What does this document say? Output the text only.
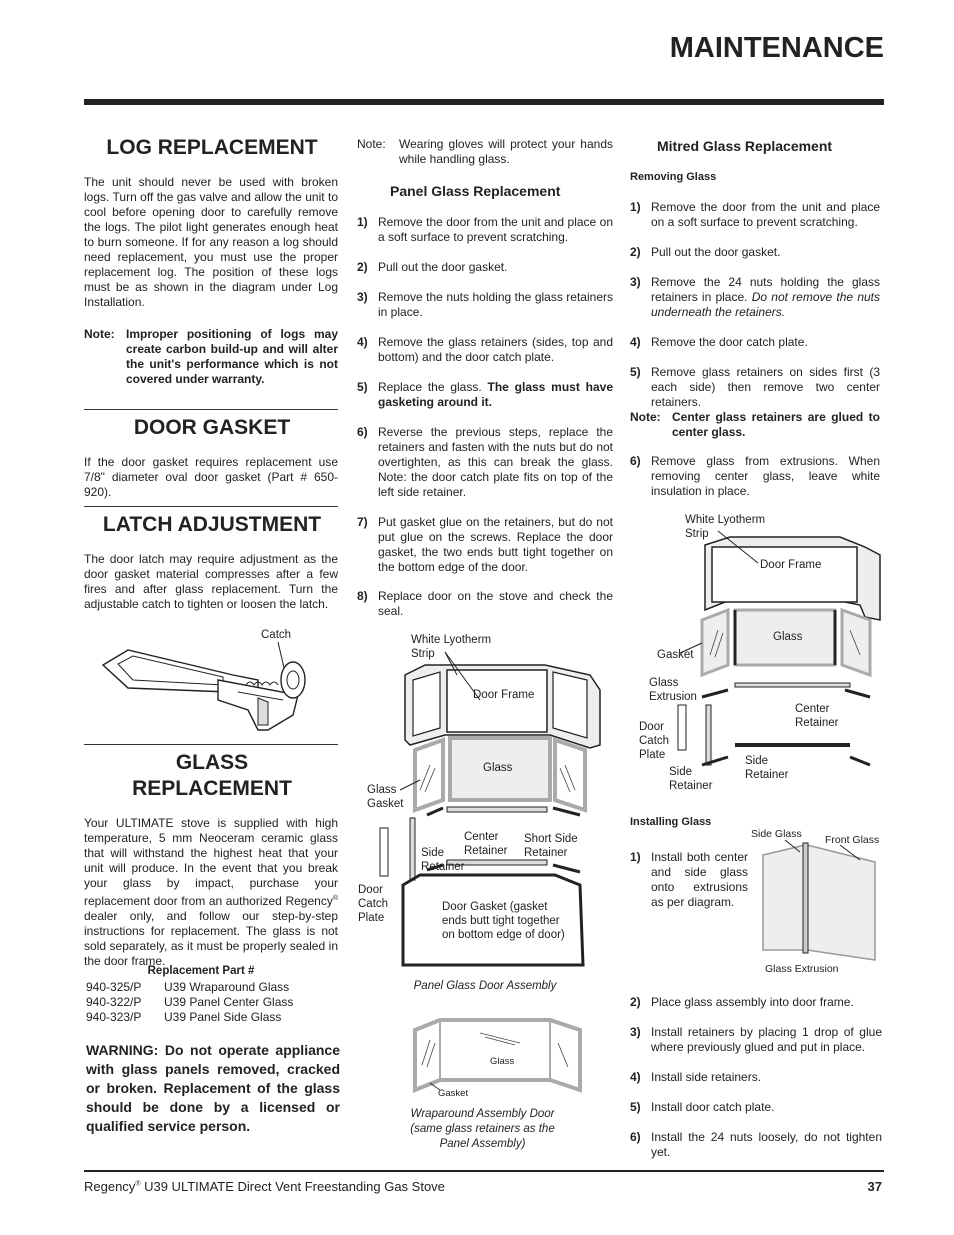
MAINTENANCE
LOG REPLACEMENT
The unit should never be used with broken logs. Turn off the gas valve and allow the unit to cool before opening door to carefully remove the logs. The pilot light generates enough heat to burn someone. If for any reason a log should need replacement, you must use the proper replacement log. The position of these logs must be as shown in the diagram under Log Installation.
Note: Improper positioning of logs may create carbon build-up and will alter the unit's performance which is not covered under warranty.
DOOR GASKET
If the door gasket requires replacement use 7/8" diameter oval door gasket (Part # 650-920).
LATCH ADJUSTMENT
The door latch may require adjustment as the door gasket material compresses after a few fires and after glass replacement. Turn the adjustable catch to tighten or loosen the latch.
Catch
GLASS
REPLACEMENT
Your ULTIMATE stove is supplied with high temperature, 5 mm Neoceram ceramic glass that will withstand the highest heat that your unit will produce. In the event that you break your glass by impact, purchase your replacement door from an authorized Regency® dealer only, and follow our step-by-step instructions for replacement. The glass is not sold separately, as it must be properly sealed in the door frame.
Replacement Part #
940-325/P U39 Wraparound Glass
940-322/P U39 Panel Center Glass
940-323/P U39 Panel Side Glass
WARNING: Do not operate appliance with glass panels removed, cracked or broken. Replacement of the glass should be done by a licensed or qualified service person.
Note: Wearing gloves will protect your hands while handling glass.
Panel Glass Replacement
1) Remove the door from the unit and place on a soft surface to prevent scratching.
2) Pull out the door gasket.
3) Remove the nuts holding the glass retainers in place.
4) Remove the glass retainers (sides, top and bottom) and the door catch plate.
5) Replace the glass. The glass must have gasketing around it.
6) Reverse the previous steps, replace the retainers and fasten with the nuts but do not overtighten, as this can break the glass. Note: the door catch plate fits on top of the left side retainer.
7) Put gasket glue on the retainers, but do not put glue on the screws. Replace the door gasket, the two ends butt tight together on the bottom edge of the door.
8) Replace door on the stove and check the seal.
White Lyotherm
Strip
Door Frame
Glass
Glass
Gasket
Side
Retainer
Center
Retainer
Short Side
Retainer
Door
Catch
Plate
Door Gasket (gasket
ends butt tight together
on bottom edge of door)
Panel Glass Door Assembly
Glass
Gasket
Wraparound Assembly Door
(same glass retainers as the
Panel Assembly)
Mitred Glass Replacement
Removing Glass
1) Remove the door from the unit and place on a soft surface to prevent scratching.
2) Pull out the door gasket.
3) Remove the 24 nuts holding the glass retainers in place. Do not remove the nuts underneath the retainers.
4) Remove the door catch plate.
5) Remove glass retainers on sides first (3 each side) then remove two center retainers.
Note: Center glass retainers are glued to center glass.
6) Remove glass from extrusions. When removing center glass, leave white insulation in place.
White Lyotherm
Strip
Door Frame
Glass
Gasket
Glass
Extrusion
Center
Retainer
Door
Catch
Plate
Side
Retainer
Side
Retainer
Installing Glass
1) Install both center and side glass onto extrusions as per diagram.
Side Glass Front Glass
Glass Extrusion
2) Place glass assembly into door frame.
3) Install retainers by placing 1 drop of glue where previously glued and put in place.
4) Install side retainers.
5) Install door catch plate.
6) Install the 24 nuts loosely, do not tighten yet.
Regency® U39 ULTIMATE Direct Vent Freestanding Gas Stove	37
